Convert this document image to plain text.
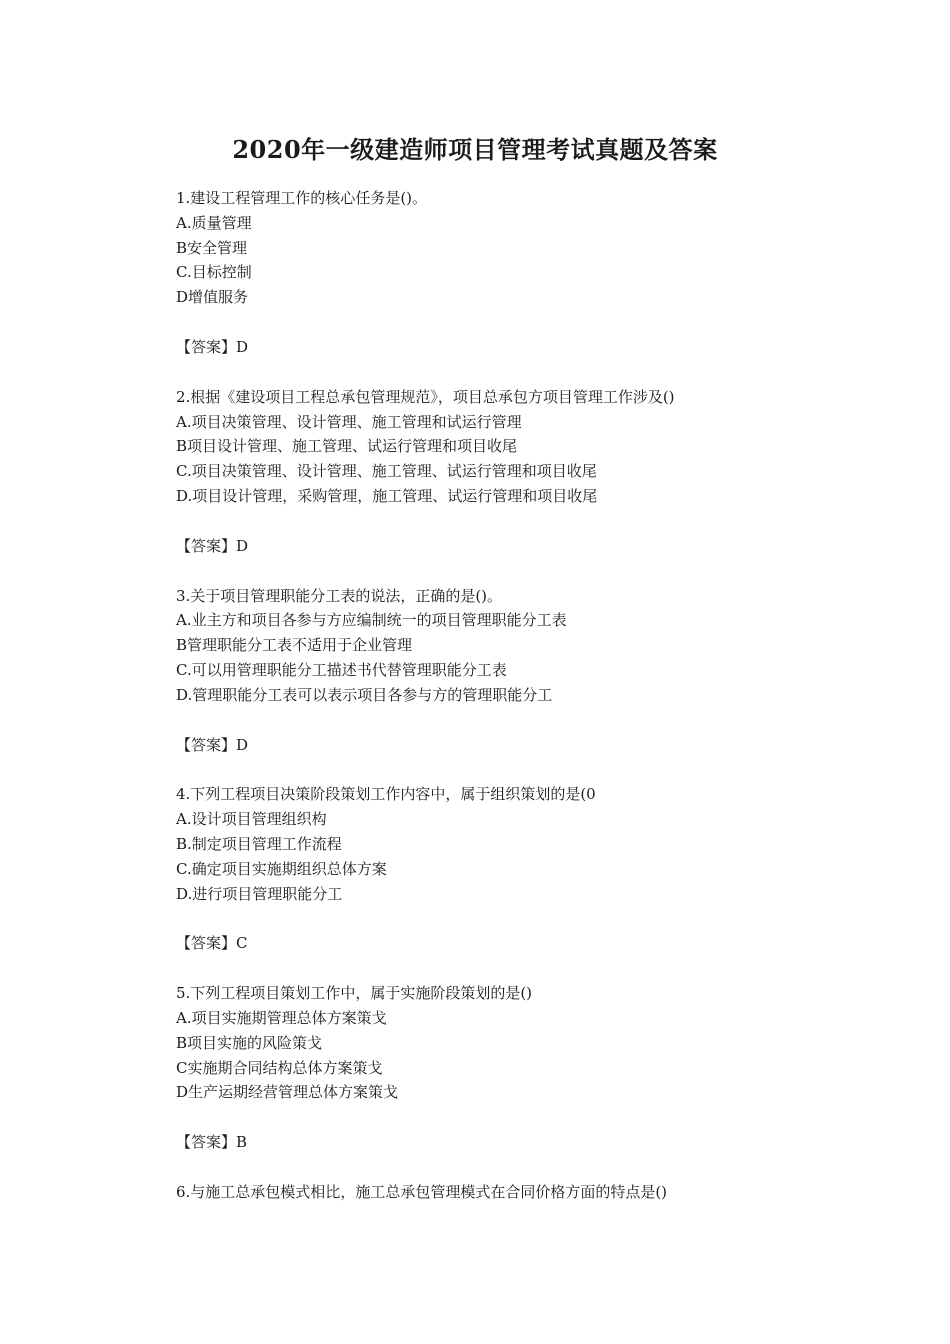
2020年一级建造师项目管理考试真题及答案

1.建设工程管理工作的核心任务是()。

A.质量管理

B安全管理

C.目标控制

D增值服务

【答案】D

2.根据《建设项目工程总承包管理规范》，项目总承包方项目管理工作涉及()

A.项目决策管理、设计管理、施工管理和试运行管理

B项目设计管理、施工管理、试运行管理和项目收尾

C.项目决策管理、设计管理、施工管理、试运行管理和项目收尾

D.项目设计管理，采购管理，施工管理、试运行管理和项目收尾

【答案】D

3.关于项目管理职能分工表的说法，正确的是()。

A.业主方和项目各参与方应编制统一的项目管理职能分工表

B管理职能分工表不适用于企业管理

C.可以用管理职能分工描述书代替管理职能分工表

D.管理职能分工表可以表示项目各参与方的管理职能分工

【答案】D

4.下列工程项目决策阶段策划工作内容中，属于组织策划的是(0

A.设计项目管理组织构

B.制定项目管理工作流程

C.确定项目实施期组织总体方案

D.进行项目管理职能分工

【答案】C

5.下列工程项目策划工作中，属于实施阶段策划的是()

A.项目实施期管理总体方案策戈

B项目实施的风险策戈

C实施期合同结构总体方案策戈

D生产运期经营管理总体方案策戈

【答案】B

6.与施工总承包模式相比，施工总承包管理模式在合同价格方面的特点是()
